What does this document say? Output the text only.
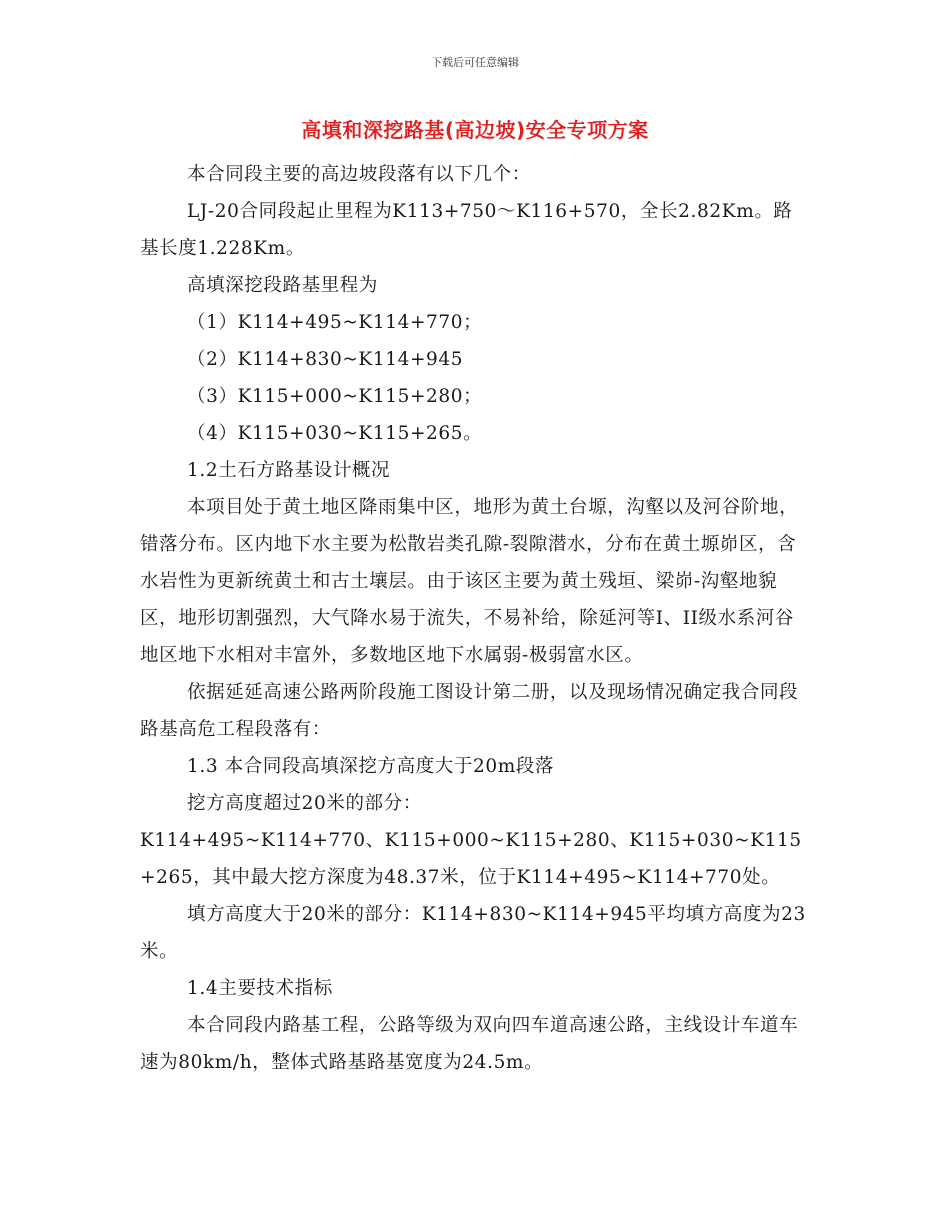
下载后可任意编辑
高填和深挖路基(高边坡)安全专项方案

本合同段主要的高边坡段落有以下几个：

LJ-20合同段起止里程为K113+750～K116+570，全长2.82Km。路基长度1.228Km。

高填深挖段路基里程为

（1）K114+495~K114+770；

（2）K114+830~K114+945

（3）K115+000~K115+280；

（4）K115+030~K115+265。

1.2土石方路基设计概况

本项目处于黄土地区降雨集中区，地形为黄土台塬，沟壑以及河谷阶地，错落分布。区内地下水主要为松散岩类孔隙-裂隙潜水，分布在黄土塬峁区，含水岩性为更新统黄土和古土壤层。由于该区主要为黄土残垣、梁峁-沟壑地貌区，地形切割强烈，大气降水易于流失，不易补给，除延河等I、II级水系河谷地区地下水相对丰富外，多数地区地下水属弱-极弱富水区。

依据延延高速公路两阶段施工图设计第二册，以及现场情况确定我合同段路基高危工程段落有：

1.3 本合同段高填深挖方高度大于20m段落

挖方高度超过20米的部分：

K114+495~K114+770、K115+000~K115+280、K115+030~K115+265，其中最大挖方深度为48.37米，位于K114+495~K114+770处。

填方高度大于20米的部分：K114+830~K114+945平均填方高度为23米。

1.4主要技术指标

本合同段内路基工程，公路等级为双向四车道高速公路，主线设计车道车速为80km/h，整体式路基路基宽度为24.5m。
